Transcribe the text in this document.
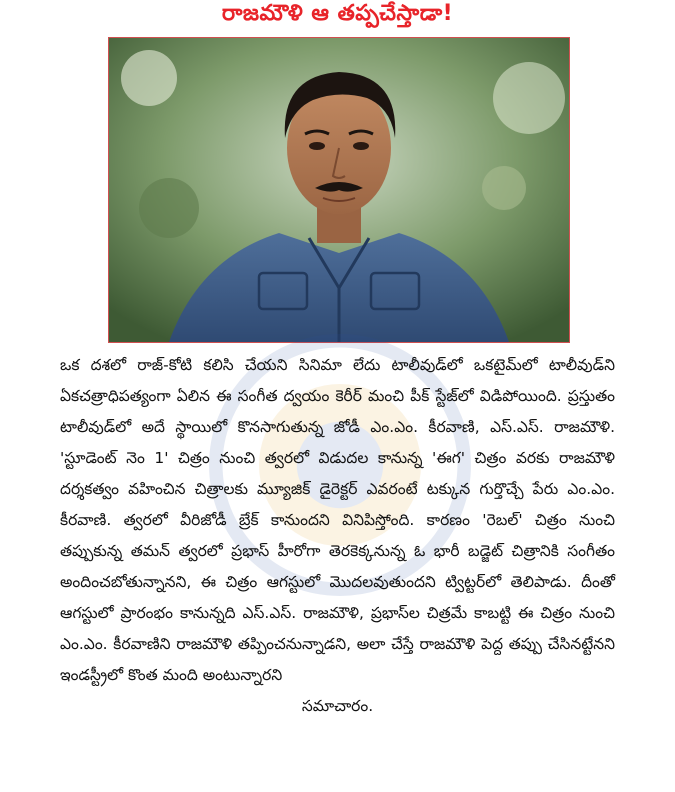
రాజమౌళి ఆ తప్పచేస్తాడా!

ఒక దశలో రాజ్-కోటి కలిసి చేయని సినిమా లేదు టాలీవుడ్‌లో ఒకటైమ్‌లో టాలీవుడ్‌ని ఏకచత్రాధిపత్యంగా ఏలిన ఈ సంగీత ద్వయం కెరీర్ మంచి పీక్ స్టేజ్‌లో విడిపోయింది. ప్రస్తుతం టాలీవుడ్‌లో అదే స్థాయిలో కొనసాగుతున్న జోడీ ఎం.ఎం. కీరవాణి, ఎస్.ఎస్. రాజమౌళి. 'స్టూడెంట్ నెం 1' చిత్రం నుంచి త్వరలో విడుదల కానున్న 'ఈగ' చిత్రం వరకు రాజమౌళి దర్శకత్వం వహించిన చిత్రాలకు మ్యూజిక్ డైరెక్టర్ ఎవరంటే టక్కున గుర్తొచ్చే పేరు ఎం.ఎం. కీరవాణి. త్వరలో వీరిజోడీ బ్రేక్ కానుందని వినిపిస్తోంది. కారణం 'రెబల్' చిత్రం నుంచి తప్పుకున్న తమన్ త్వరలో ప్రభాస్ హీరోగా తెరకెక్కనున్న ఓ భారీ బడ్జెట్ చిత్రానికి సంగీతం అందించబోతున్నానని, ఈ చిత్రం ఆగస్టులో మొదలవుతుందని ట్విట్టర్‌లో తెలిపాడు. దీంతో ఆగస్టులో ప్రారంభం కానున్నది ఎస్.ఎస్. రాజమౌళి, ప్రభాస్‌ల చిత్రమే కాబట్టి ఈ చిత్రం నుంచి ఎం.ఎం. కీరవాణిని రాజమౌళి తప్పించనున్నాడని, అలా చేస్తే రాజమౌళి పెద్ద తప్పు చేసినట్టేనని ఇండస్ట్రీలో కొంత మంది అంటున్నారని

సమాచారం.
